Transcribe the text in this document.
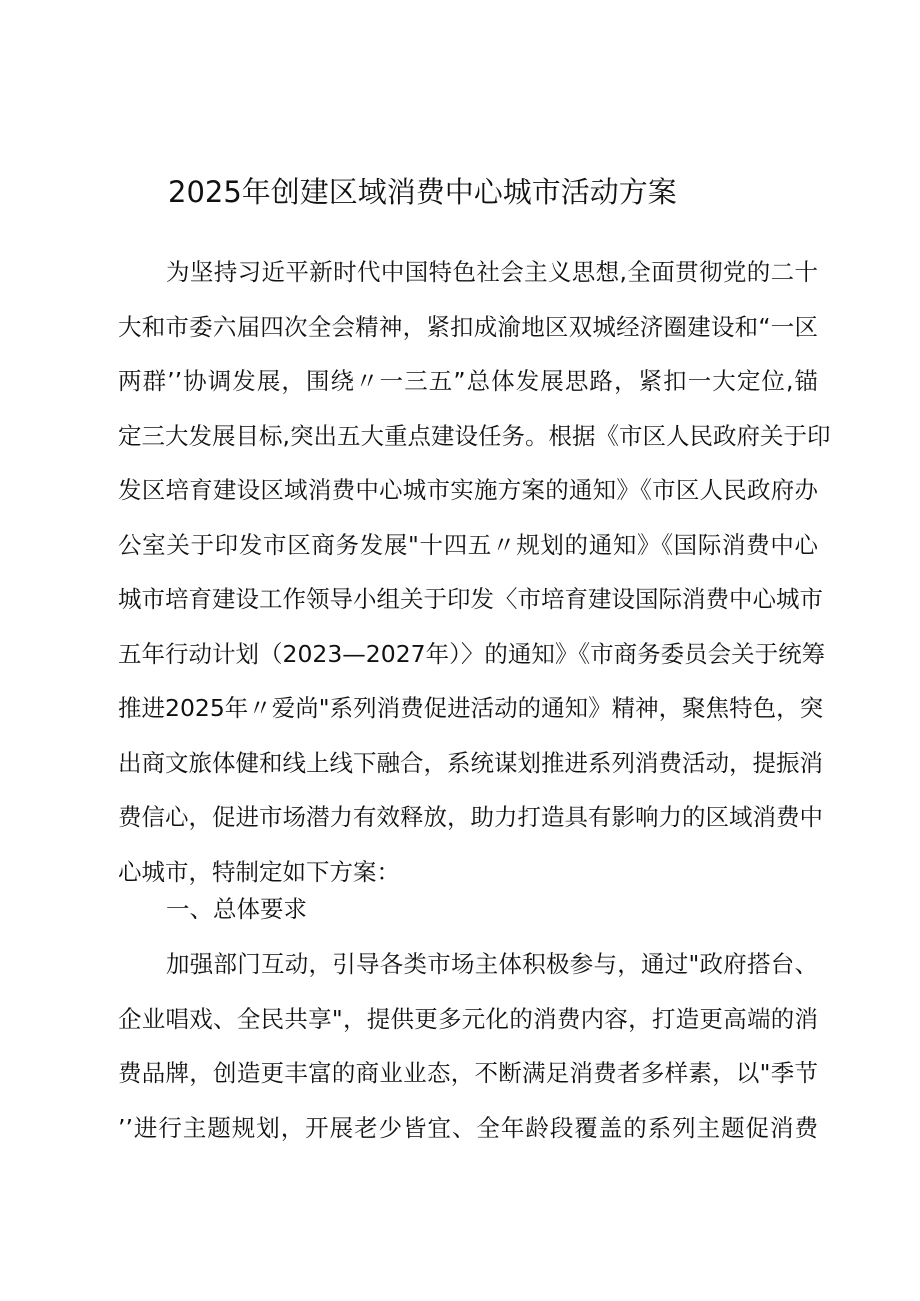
2025年创建区域消费中心城市活动方案
为坚持习近平新时代中国特色社会主义思想,全面贯彻党的二十
大和市委六届四次全会精神，紧扣成渝地区双城经济圈建设和“一区
两群’’协调发展，围绕〃一三五”总体发展思路，紧扣一大定位,锚
定三大发展目标,突出五大重点建设任务。根据《市区人民政府关于印
发区培育建设区域消费中心城市实施方案的通知》《市区人民政府办
公室关于印发市区商务发展"十四五〃规划的通知》《国际消费中心
城市培育建设工作领导小组关于印发〈市培育建设国际消费中心城市
五年行动计划（2023—2027年）〉的通知》《市商务委员会关于统筹
推进2025年〃爱尚"系列消费促进活动的通知》精神，聚焦特色，突
出商文旅体健和线上线下融合，系统谋划推进系列消费活动，提振消
费信心，促进市场潜力有效释放，助力打造具有影响力的区域消费中
心城市，特制定如下方案：
一、总体要求
加强部门互动，引导各类市场主体积极参与，通过"政府搭台、
企业唱戏、全民共享"，提供更多元化的消费内容，打造更高端的消
费品牌，创造更丰富的商业业态，不断满足消费者多样素，以"季节
’’进行主题规划，开展老少皆宜、全年龄段覆盖的系列主题促消费
